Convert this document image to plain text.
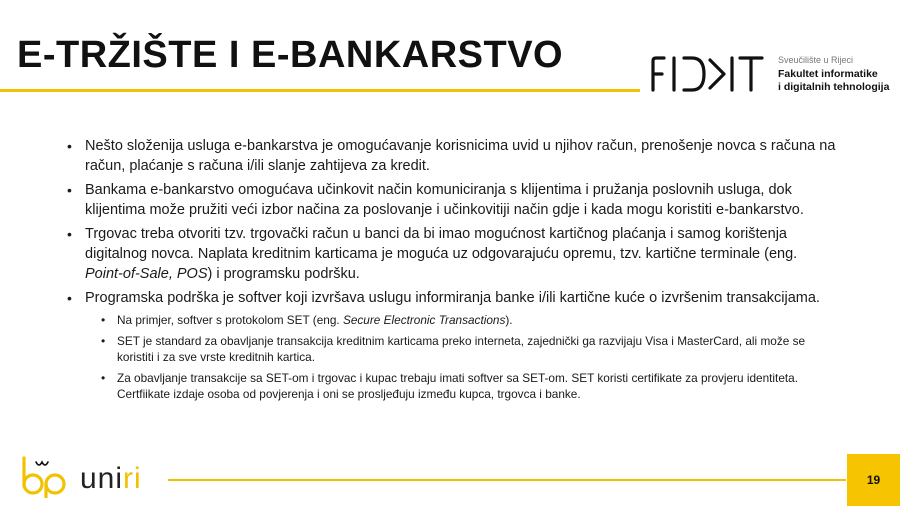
E-TRŽIŠTE I E-BANKARSTVO	FIDIT
Sveučilište u Rijeci
Fakultet informatike
i digitalnih tehnologija
• Nešto složenija usluga e-bankarstva je omogućavanje korisnicima uvid u njihov račun, prenošenje novca s računa na račun, plaćanje s računa i/ili slanje zahtijeva za kredit.
• Bankama e-bankarstvo omogućava učinkovit način komuniciranja s klijentima i pružanja poslovnih usluga, dok klijentima može pružiti veći izbor načina za poslovanje i učinkovitiji način gdje i kada mogu koristiti e-bankarstvo.
• Trgovac treba otvoriti tzv. trgovački račun u banci da bi imao mogućnost kartičnog plaćanja i samog korištenja digitalnog novca. Naplata kreditnim karticama je moguća uz odgovarajuću opremu, tzv. kartične terminale (eng. Point-of-Sale, POS) i programsku podršku.
• Programska podrška je softver koji izvršava uslugu informiranja banke i/ili kartične kuće o izvršenim transakcijama.
• Na primjer, softver s protokolom SET (eng. Secure Electronic Transactions).
• SET je standard za obavljanje transakcija kreditnim karticama preko interneta, zajednički ga razvijaju Visa i MasterCard, ali može se koristiti i za sve vrste kreditnih kartica.
• Za obavljanje transakcije sa SET-om i trgovac i kupac trebaju imati softver sa SET-om. SET koristi certifikate za provjeru identiteta. Certfiikate izdaje osoba od povjerenja i oni se prosljeđuju između kupca, trgovca i banke.
bp
uniri	19
